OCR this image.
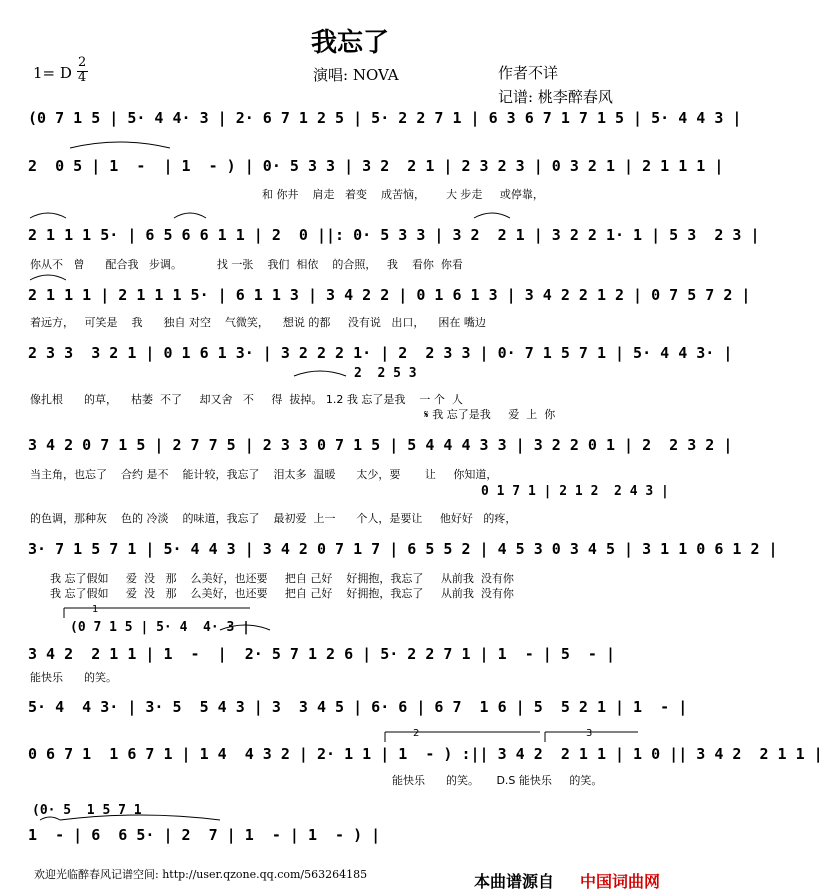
我忘了
1= D
2
4	演唱: NOVA	作者不详
记谱: 桃李醉春风
(0 7 1 5 | 5· 4 4· 3 | 2· 6 7 1 2 5 | 5· 2 2 7 1 | 6 3 6 7 1 7 1 5 | 5· 4 4 3 |
2  0 5 | 1  -  | 1  - ) | 0· 5 3 3 | 3 2  2 1 | 2 3 2 3 | 0 3 2 1 | 2 1 1 1 |
和 你井    肩走   着变    成苦恼，      大 步走     或停靠，
2 1 1 1 5· | 6 5 6 6 1 1 | 2  0 ||: 0· 5 3 3 | 3 2  2 1 | 3 2 2 1· 1 | 5 3  2 3 |
你从不   曾      配合我   步调。          找 一张    我们  相依    的合照，   我    看你  你看
2 1 1 1 | 2 1 1 1 5· | 6 1 1 3 | 3 4 2 2 | 0 1 6 1 3 | 3 4 2 2 1 2 | 0 7 5 7 2 |
着远方，   可笑是    我      独自 对空    气微笑，    想说 的都     没有说   出口，    困在 嘴边
2 3 3  3 2 1 | 0 1 6 1 3· | 3 2 2 2 1· | 2  2 3 3 | 0· 7 1 5 7 1 | 5· 4 4 3· |
2  2 5 3
像扎根      的草，    枯萎  不了     却又舍   不     得  拔掉。 1.2 我 忘了是我    一 个  人
𝄋 我 忘了是我     爱  上  你
3 4 2 0 7 1 5 | 2 7 7 5 | 2 3 3 0 7 1 5 | 5 4 4 4 3 3 | 3 2 2 0 1 | 2  2 3 2 |
当主角，也忘了    合约 是不    能计较，我忘了    泪太多  温暖      太少，要       让     你知道，
0 1 7 1 | 2 1 2  2 4 3 |
的色调，那种灰    色的 冷淡    的味道，我忘了    最初爱  上一      个人，是要让     他好好   的疼，
3· 7 1 5 7 1 | 5· 4 4 3 | 3 4 2 0 7 1 7 | 6 5 5 2 | 4 5 3 0 3 4 5 | 3 1 1 0 6 1 2 |
我 忘了假如     爱  没   那    么美好，也还要     把自 己好    好拥抱，我忘了     从前我  没有你
我 忘了假如     爱  没   那    么美好，也还要     把自 己好    好拥抱，我忘了     从前我  没有你
(0 7 1 5 | 5· 4  4· 3 |
3 4 2  2 1 1 | 1  -  |  2· 5 7 1 2 6 | 5· 2 2 7 1 | 1  - | 5  - |
能快乐      的笑。
5· 4  4 3· | 3· 5  5 4 3 | 3  3 4 5 | 6· 6 | 6 7  1 6 | 5  5 2 1 | 1  - |
0 6 7 1  1 6 7 1 | 1 4  4 3 2 | 2· 1 1 | 1  - ) :|| 3 4 2  2 1 1 | 1 0 || 3 4 2  2 1 1 |
能快乐      的笑。     D.S 能快乐     的笑。
(0· 5  1 5 7 1
1  - | 6  6 5· | 2  7 | 1  - | 1  - ) |
1
2	3
欢迎光临醉春风记谱空间: http://user.qzone.qq.com/563264185	本曲谱源自 中国词曲网
